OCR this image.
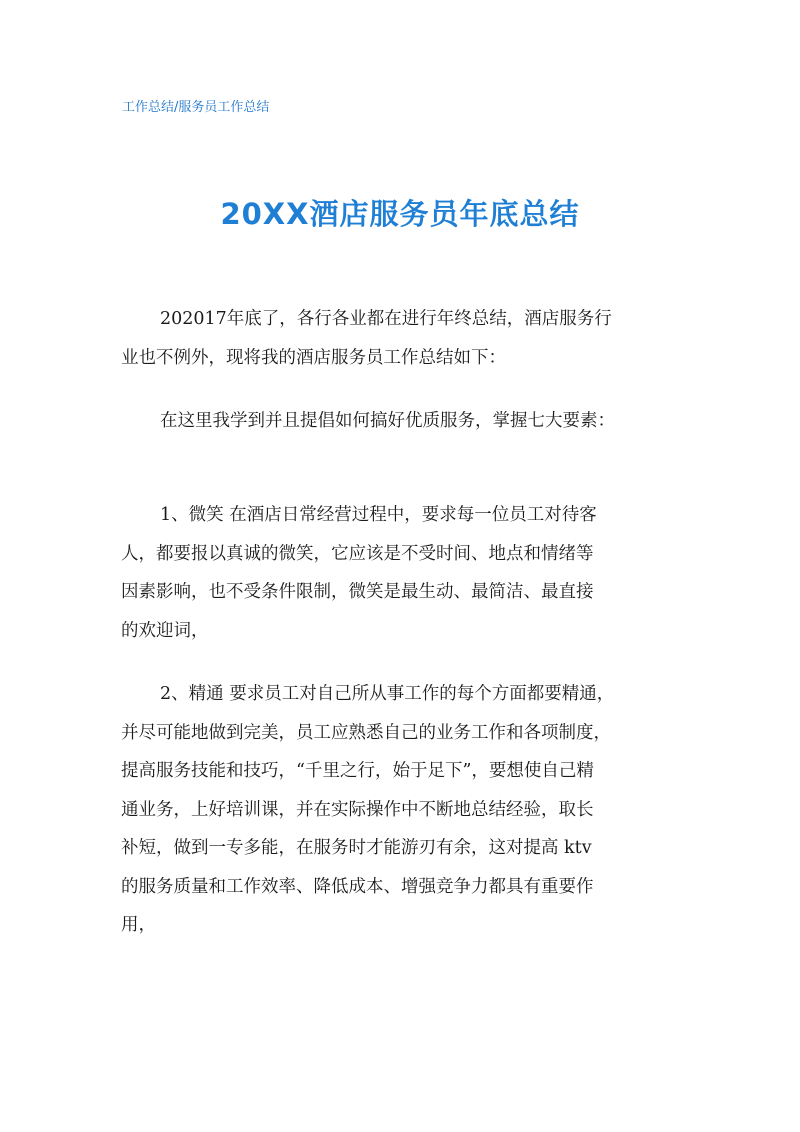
工作总结/服务员工作总结
20XX酒店服务员年底总结
202017年底了，各行各业都在进行年终总结，酒店服务行
业也不例外，现将我的酒店服务员工作总结如下：
在这里我学到并且提倡如何搞好优质服务，掌握七大要素：
1、微笑 在酒店日常经营过程中，要求每一位员工对待客
人，都要报以真诚的微笑，它应该是不受时间、地点和情绪等
因素影响，也不受条件限制，微笑是最生动、最简洁、最直接
的欢迎词，
2、精通 要求员工对自己所从事工作的每个方面都要精通，
并尽可能地做到完美，员工应熟悉自己的业务工作和各项制度，
提高服务技能和技巧，“千里之行，始于足下”，要想使自己精
通业务，上好培训课，并在实际操作中不断地总结经验，取长
补短，做到一专多能，在服务时才能游刃有余，这对提高 ktv
的服务质量和工作效率、降低成本、增强竞争力都具有重要作
用，
